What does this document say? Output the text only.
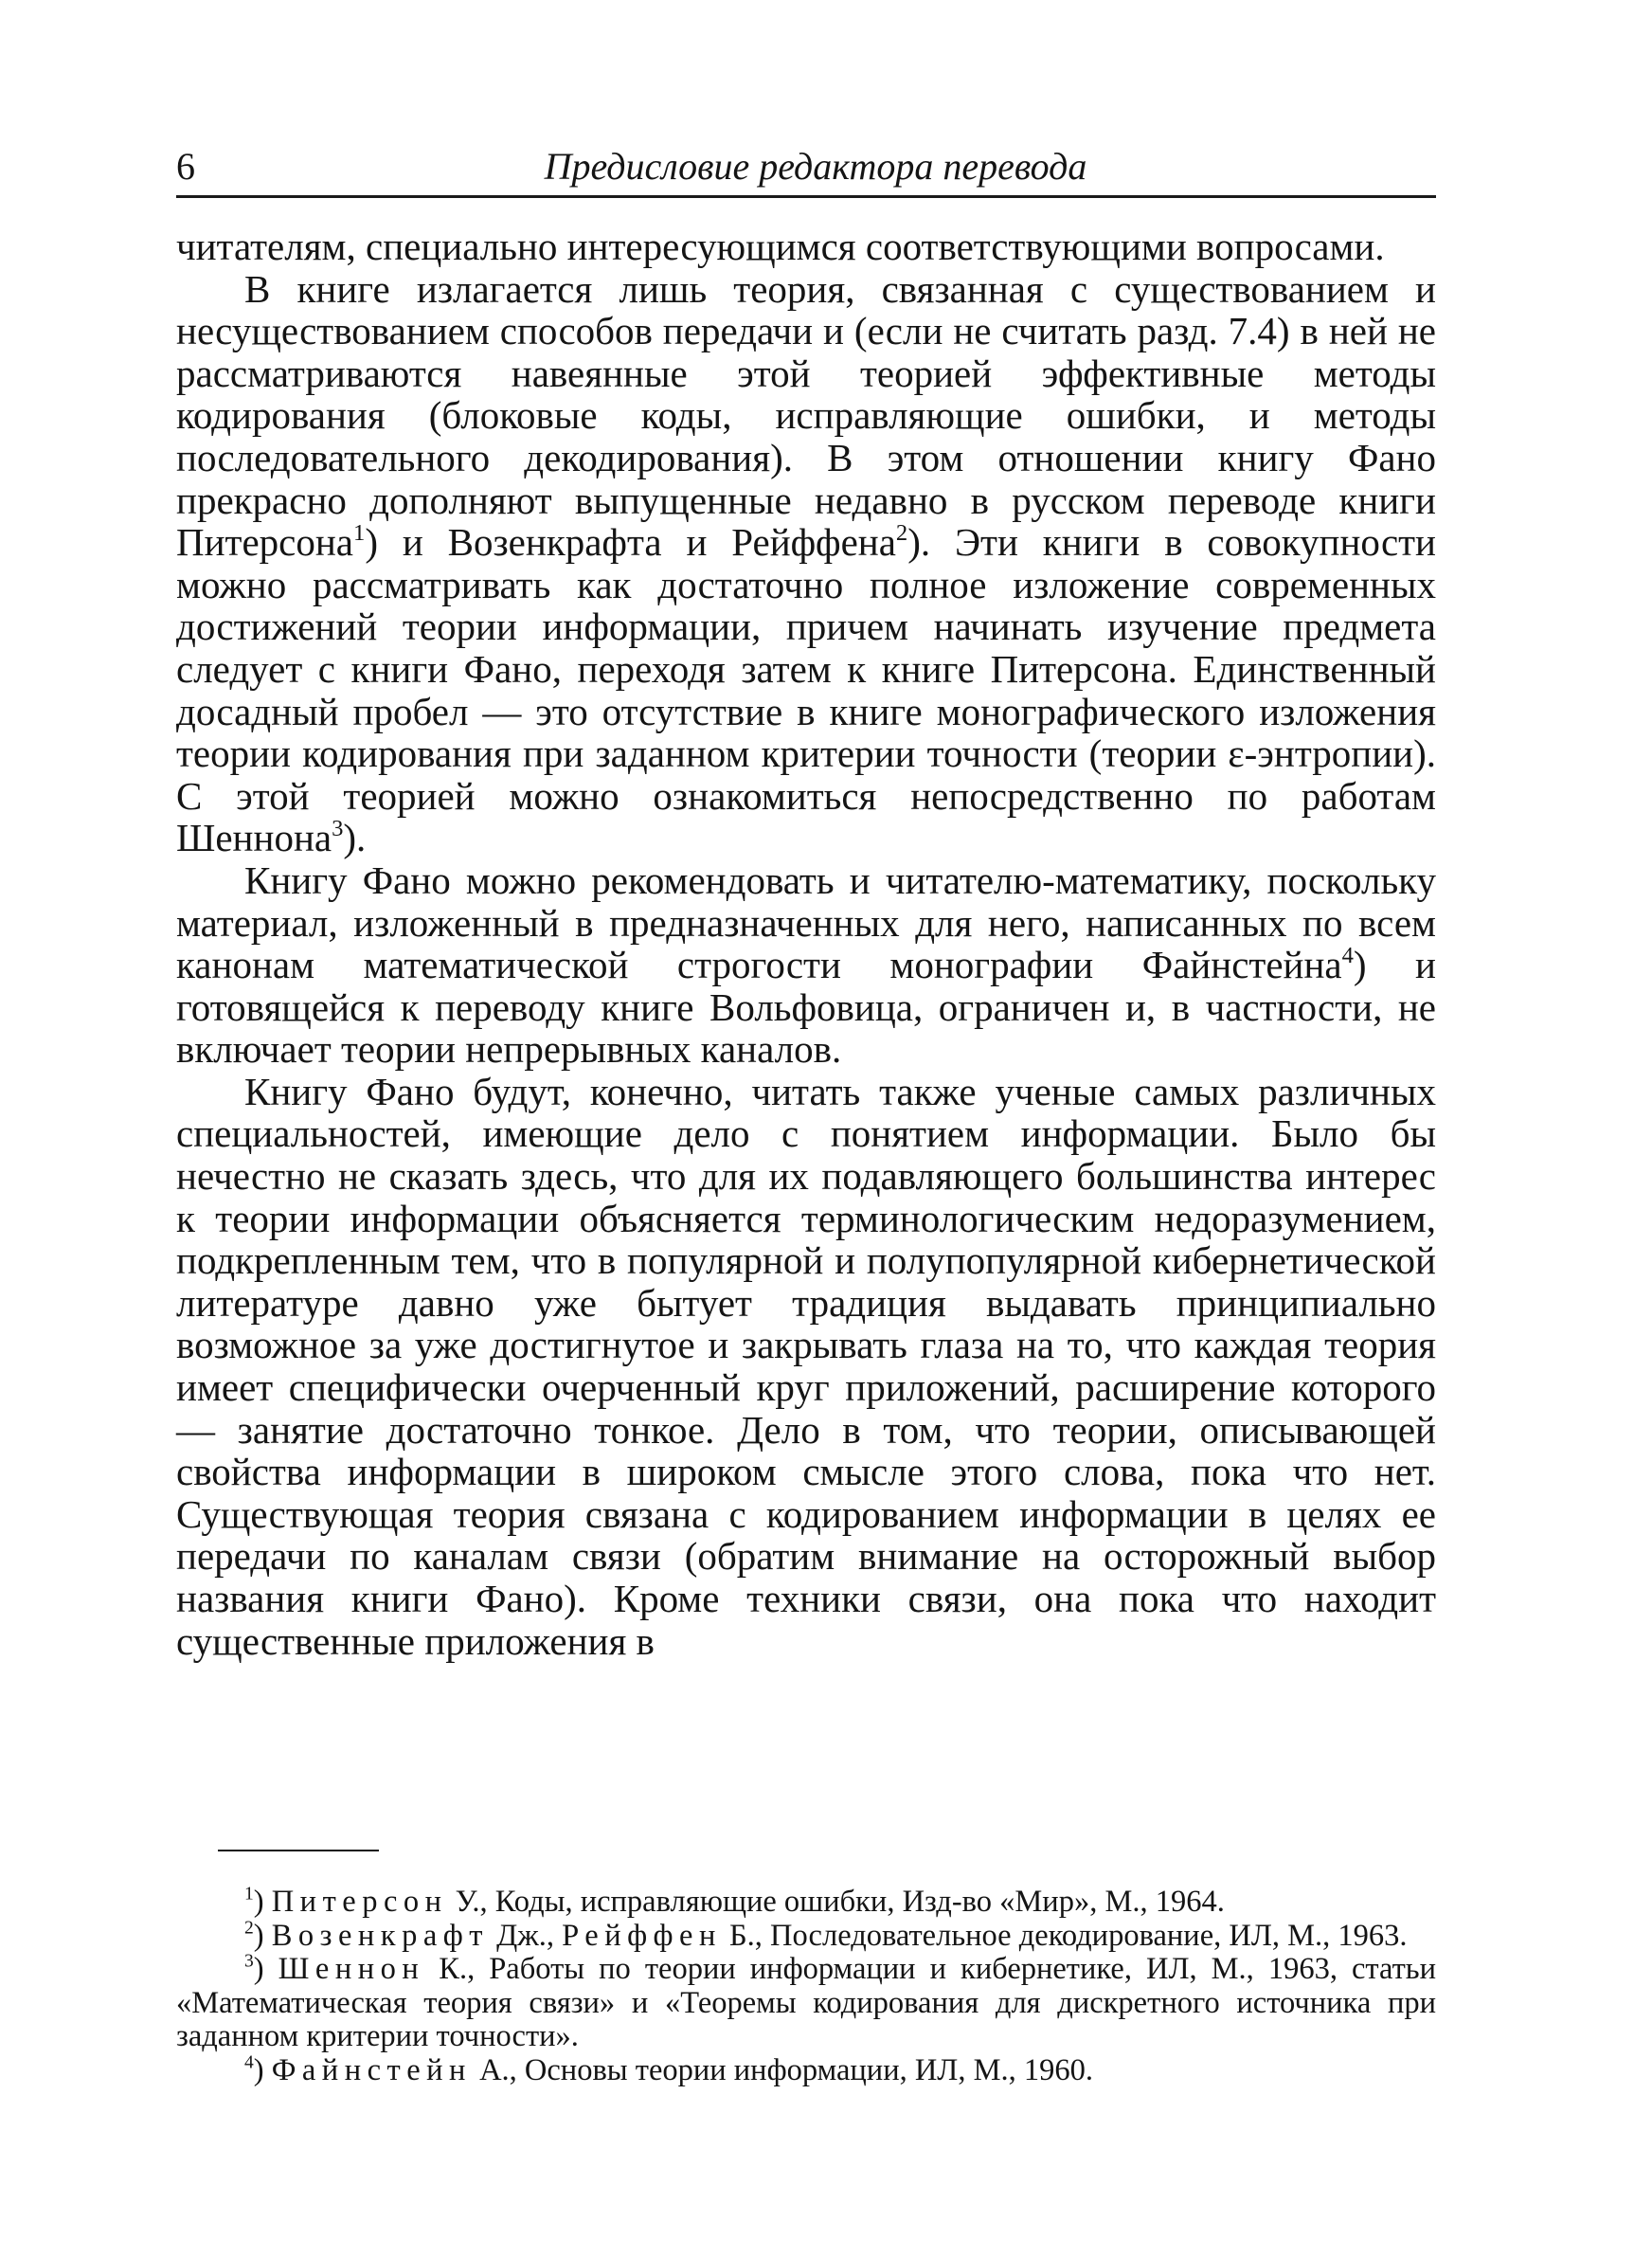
6	Предисловие редактора перевода

читателям, специально интересующимся соответствующими вопросами.

В книге излагается лишь теория, связанная с существованием и несуществованием способов передачи и (если не считать разд. 7.4) в ней не рассматриваются навеянные этой теорией эффективные методы кодирования (блоковые коды, исправляющие ошибки, и методы последовательного декодирования). В этом отношении книгу Фано прекрасно дополняют выпущенные недавно в русском переводе книги Питерсона$^1$) и Возенкрафта и Рейффена$^2$). Эти книги в совокупности можно рассматривать как достаточно полное изложение современных достижений теории информации, причем начинать изучение предмета следует с книги Фано, переходя затем к книге Питерсона. Единственный досадный пробел — это отсутствие в книге монографического изложения теории кодирования при заданном критерии точности (теории ε-энтропии). С этой теорией можно ознакомиться непосредственно по работам Шеннона$^3$).

Книгу Фано можно рекомендовать и читателю-математику, поскольку материал, изложенный в предназначенных для него, написанных по всем канонам математической строгости монографии Файнстейна$^4$) и готовящейся к переводу книге Вольфовица, ограничен и, в частности, не включает теории непрерывных каналов.

Книгу Фано будут, конечно, читать также ученые самых различных специальностей, имеющие дело с понятием информации. Было бы нечестно не сказать здесь, что для их подавляющего большинства интерес к теории информации объясняется терминологическим недоразумением, подкрепленным тем, что в популярной и полупопулярной кибернетической литературе давно уже бытует традиция выдавать принципиально возможное за уже достигнутое и закрывать глаза на то, что каждая теория имеет специфически очерченный круг приложений, расширение которого — занятие достаточно тонкое. Дело в том, что теории, описывающей свойства информации в широком смысле этого слова, пока что нет. Существующая теория связана с кодированием информации в целях ее передачи по каналам связи (обратим внимание на осторожный выбор названия книги Фано). Кроме техники связи, она пока что находит существенные приложения в

$^1$) Питерсон У., Коды, исправляющие ошибки, Изд-во «Мир», М., 1964.

$^2$) Возенкрафт Дж., Рейффен Б., Последовательное декодирование, ИЛ, М., 1963.

$^3$) Шеннон К., Работы по теории информации и кибернетике, ИЛ, М., 1963, статьи «Математическая теория связи» и «Теоремы кодирования для дискретного источника при заданном критерии точности».

$^4$) Файнстейн А., Основы теории информации, ИЛ, М., 1960.
